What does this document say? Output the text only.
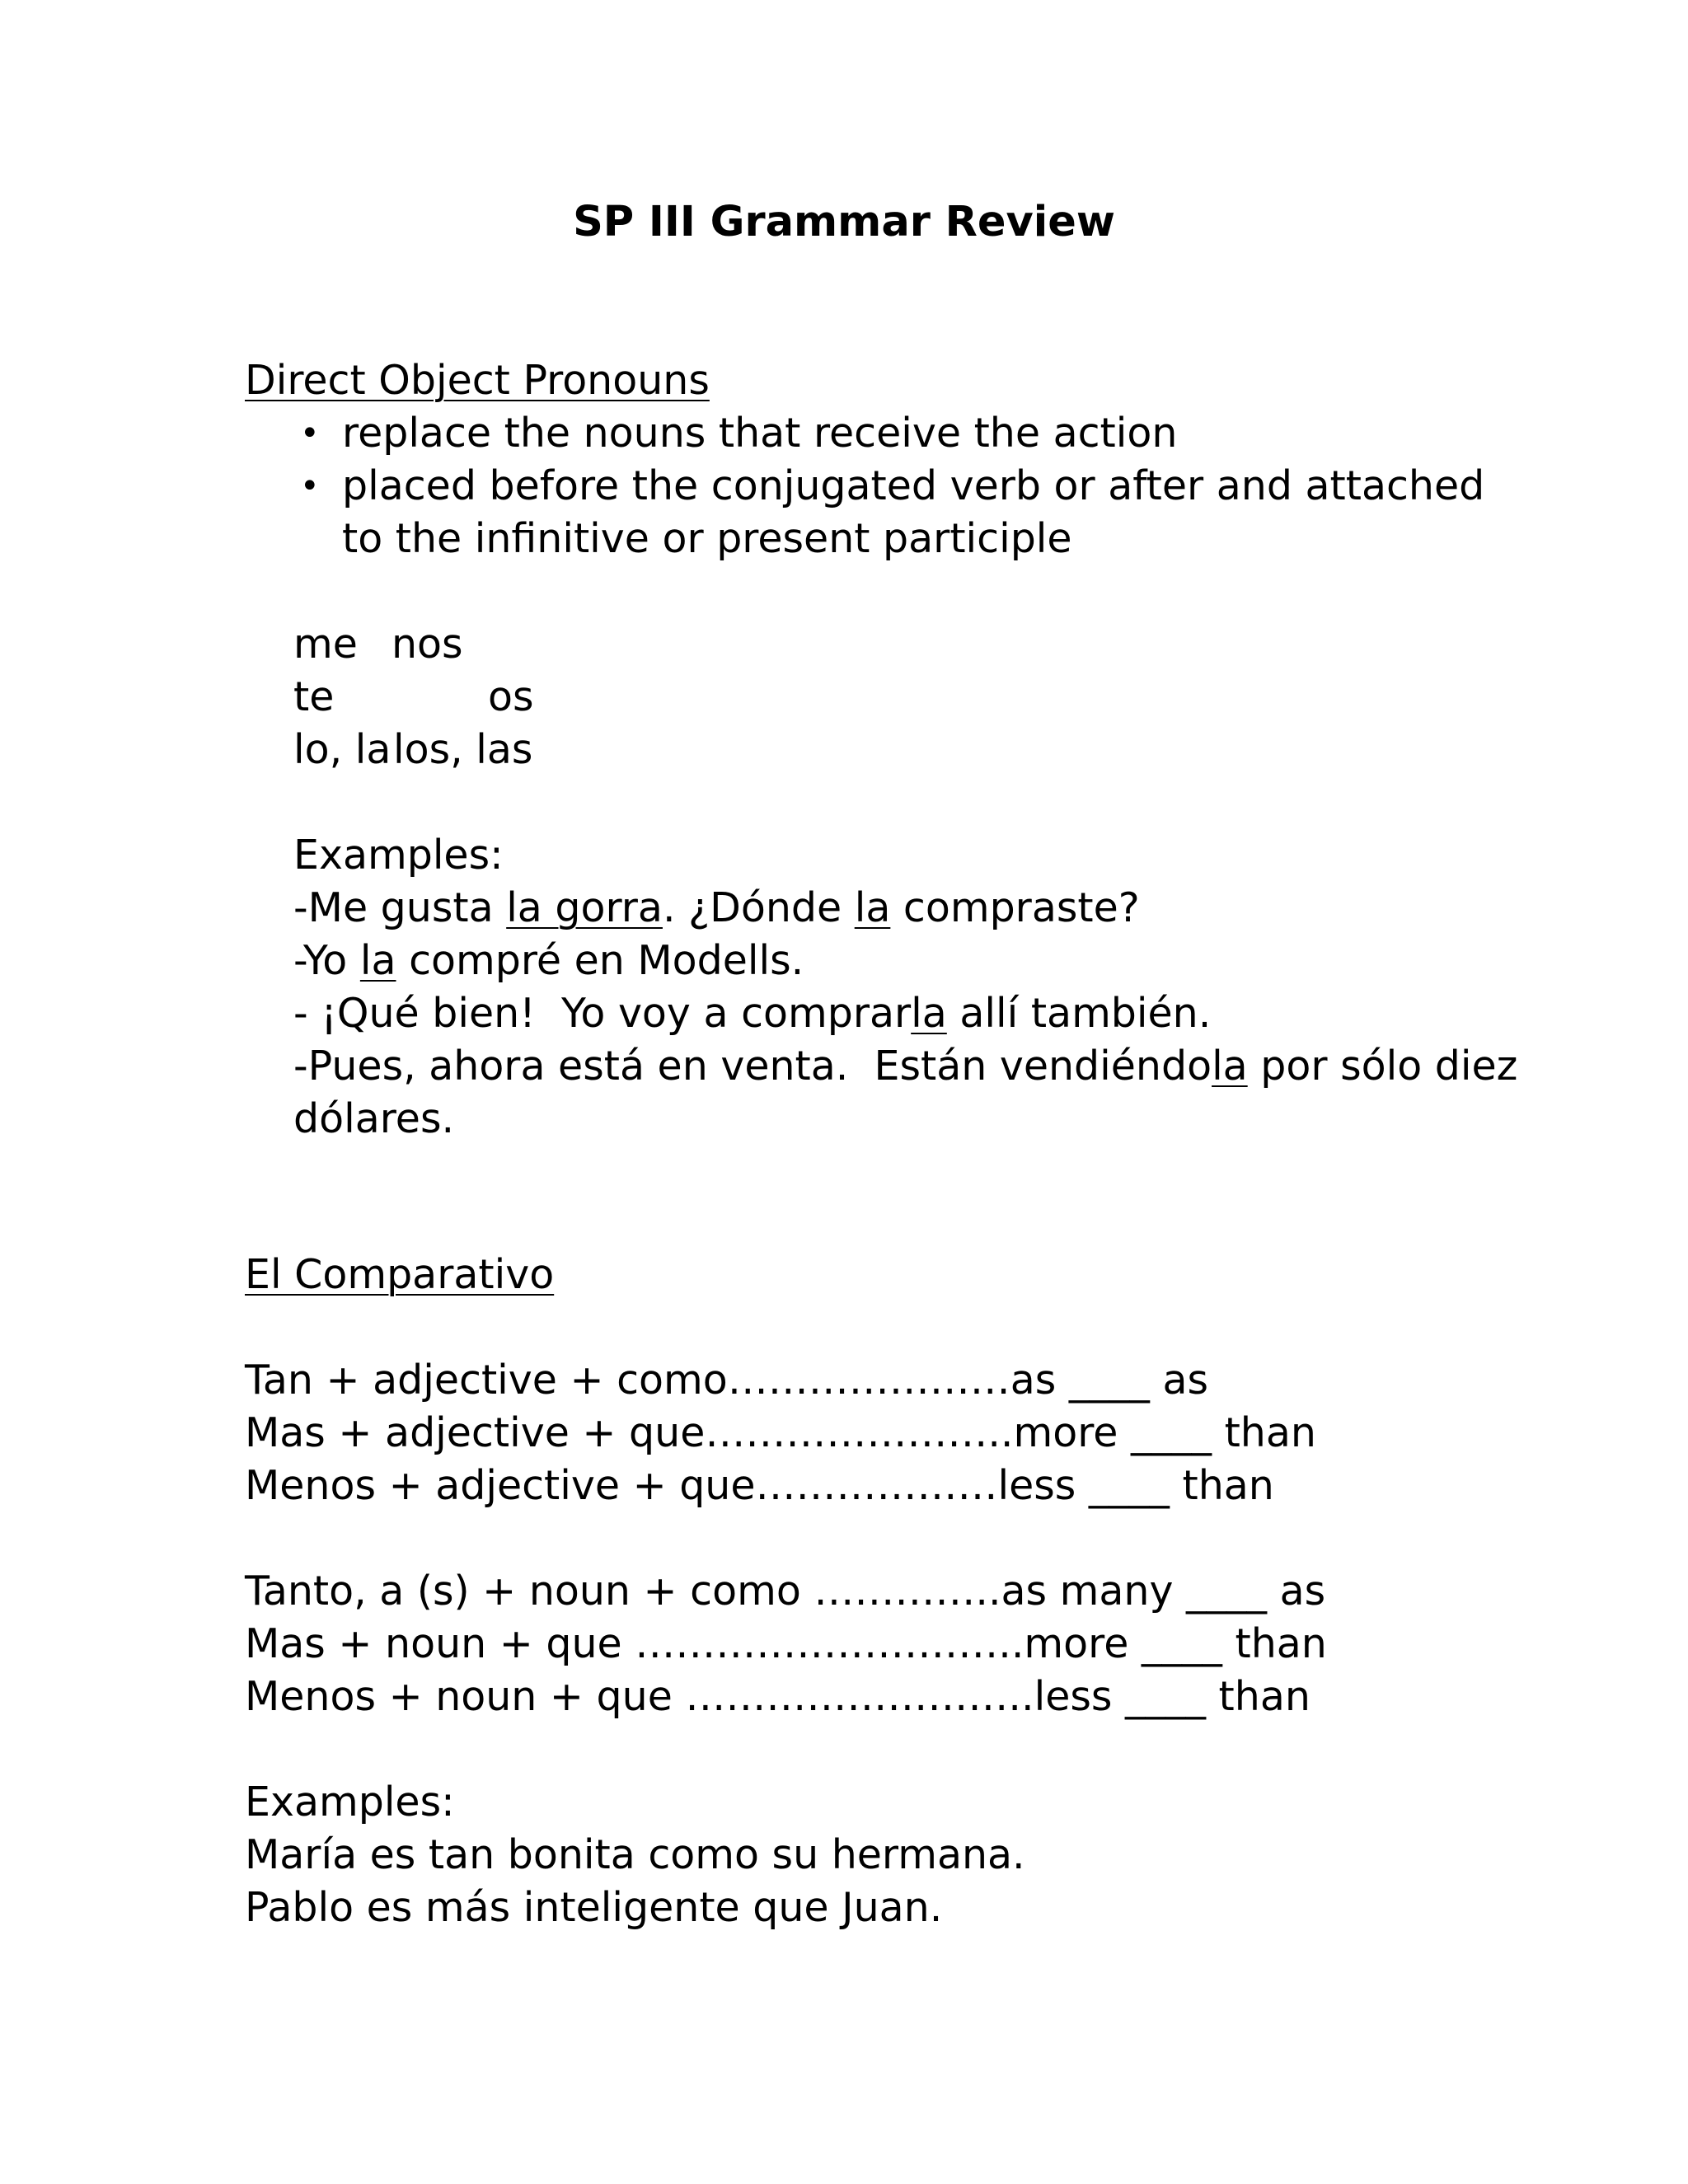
SP III Grammar Review
Direct Object Pronouns
• replace the nouns that receive the action
• placed before the conjugated verb or after and attached
to the infinitive or present participle
me nos
te	os
lo, la los, las
Examples:
-Me gusta la gorra. ¿Dónde la compraste?
-Yo la compré en Modells.
- ¡Qué bien!  Yo voy a comprarla allí también.
-Pues, ahora está en venta.  Están vendiéndola por sólo diez
dólares.
El Comparativo
Tan + adjective + como…………………as ____ as
Mas + adjective + que…………………..more ____ than
Menos + adjective + que………………less ____ than
Tanto, a (s) + noun + como …………..as many ____ as
Mas + noun + que ………………………..more ____ than
Menos + noun + que ……………………..less ____ than
Examples:
María es tan bonita como su hermana.
Pablo es más inteligente que Juan.
